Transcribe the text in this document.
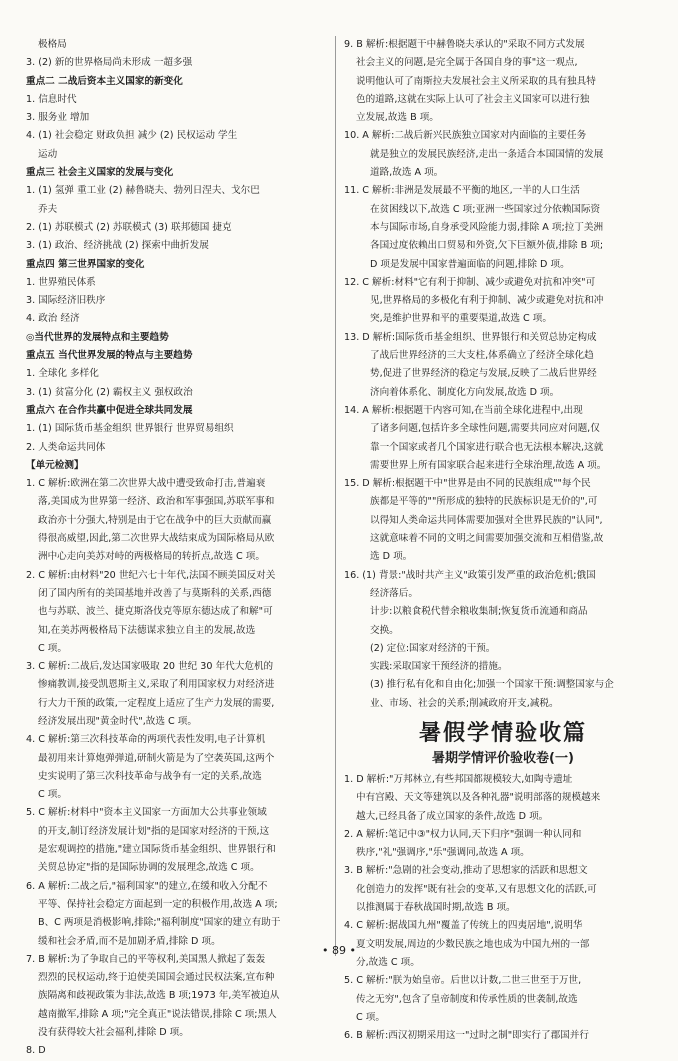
极格局
3. (2) 新的世界格局尚未形成 一超多强
重点二 二战后资本主义国家的新变化
1. 信息时代
3. 服务业 增加
4. (1) 社会稳定 财政负担 减少 (2) 民权运动 学生
运动
重点三 社会主义国家的发展与变化
1. (1) 氢弹 重工业 (2) 赫鲁晓夫、勃列日涅夫、戈尔巴
乔夫
2. (1) 苏联模式 (2) 苏联模式 (3) 联邦德国 捷克
3. (1) 政治、经济挑战 (2) 探索中曲折发展
重点四 第三世界国家的变化
1. 世界殖民体系
3. 国际经济旧秩序
4. 政治 经济
◎当代世界的发展特点和主要趋势
重点五 当代世界发展的特点与主要趋势
1. 全球化 多样化
3. (1) 贫富分化 (2) 霸权主义 强权政治
重点六 在合作共赢中促进全球共同发展
1. (1) 国际货币基金组织 世界银行 世界贸易组织
2. 人类命运共同体
【单元检测】
1. C 解析:欧洲在第二次世界大战中遭受致命打击,普遍衰
落,美国成为世界第一经济、政治和军事强国,苏联军事和
政治亦十分强大,特别是由于它在战争中的巨大贡献而赢
得很高威望,因此,第二次世界大战结束成为国际格局从欧
洲中心走向美苏对峙的两极格局的转折点,故选 C 项。
2. C 解析:由材料"20 世纪六七十年代,法国不顾美国反对关
闭了国内所有的美国基地并改善了与莫斯科的关系,西德
也与苏联、波兰、捷克斯洛伐克等原东德达成了和解"可
知,在美苏两极格局下法德谋求独立自主的发展,故选
C 项。
3. C 解析:二战后,发达国家吸取 20 世纪 30 年代大危机的
惨痛教训,接受凯恩斯主义,采取了利用国家权力对经济进
行大力干预的政策,一定程度上适应了生产力发展的需要,
经济发展出现"黄金时代",故选 C 项。
4. C 解析:第三次科技革命的两项代表性发明,电子计算机
最初用来计算炮弹弹道,研制火箭是为了空袭英国,这两个
史实说明了第三次科技革命与战争有一定的关系,故选
C 项。
5. C 解析:材料中"资本主义国家一方面加大公共事业领域
的开支,制订经济发展计划"指的是国家对经济的干预,这
是宏观调控的措施,"建立国际货币基金组织、世界银行和
关贸总协定"指的是国际协调的发展理念,故选 C 项。
6. A 解析:二战之后,"福利国家"的建立,在缓和收入分配不
平等、保持社会稳定方面起到一定的积极作用,故选 A 项;
B、C 两项是消极影响,排除;"福利制度"国家的建立有助于
缓和社会矛盾,而不是加剧矛盾,排除 D 项。
7. B 解析:为了争取自己的平等权利,美国黑人掀起了轰轰
烈烈的民权运动,终于迫使美国国会通过民权法案,宣布种
族隔离和歧视政策为非法,故选 B 项;1973 年,美军被迫从
越南撤军,排除 A 项;"完全真正"说法错误,排除 C 项;黑人
没有获得较大社会福利,排除 D 项。
8. D
9. B 解析:根据题干中赫鲁晓夫承认的"采取不同方式发展
社会主义的问题,是完全属于各国自身的事"这一观点,
说明他认可了南斯拉夫发展社会主义所采取的具有独具特
色的道路,这就在实际上认可了社会主义国家可以进行独
立发展,故选 B 项。
10. A 解析:二战后新兴民族独立国家对内面临的主要任务
就是独立的发展民族经济,走出一条适合本国国情的发展
道路,故选 A 项。
11. C 解析:非洲是发展最不平衡的地区,一半的人口生活
在贫困线以下,故选 C 项;亚洲一些国家过分依赖国际资
本与国际市场,自身承受风险能力弱,排除 A 项;拉丁美洲
各国过度依赖出口贸易和外资,欠下巨额外债,排除 B 项;
D 项是发展中国家普遍面临的问题,排除 D 项。
12. C 解析:材料"它有利于抑制、减少或避免对抗和冲突"可
见,世界格局的多极化有利于抑制、减少或避免对抗和冲
突,是维护世界和平的重要渠道,故选 C 项。
13. D 解析:国际货币基金组织、世界银行和关贸总协定构成
了战后世界经济的三大支柱,体系确立了经济全球化趋
势,促进了世界经济的稳定与发展,反映了二战后世界经
济向着体系化、制度化方向发展,故选 D 项。
14. A 解析:根据题干内容可知,在当前全球化进程中,出现
了诸多问题,包括许多全球性问题,需要共同应对问题,仅
靠一个国家或者几个国家进行联合也无法根本解决,这就
需要世界上所有国家联合起来进行全球治理,故选 A 项。
15. D 解析:根据题干中"世界是由不同的民族组成""每个民
族都是平等的""所形成的独特的民族标识是无价的",可
以得知人类命运共同体需要加强对全世界民族的"认同",
这就意味着不同的文明之间需要加强交流和互相借鉴,故
选 D 项。
16. (1) 背景:"战时共产主义"政策引发严重的政治危机;俄国
经济落后。
计步:以粮食税代替余粮收集制;恢复货币流通和商品
交换。
(2) 定位:国家对经济的干预。
实践:采取国家干预经济的措施。
(3) 推行私有化和自由化;加强一个国家干预:调整国家与企
业、市场、社会的关系;削减政府开支,减税。
暑假学情验收篇
暑期学情评价验收卷(一)
1. D 解析:"万邦林立,有些邦国都规模较大,如陶寺遗址
中有宫殿、天文等建筑以及各种礼器"说明部落的规模越来
越大,已经具备了成立国家的条件,故选 D 项。
2. A 解析:笔记中③"权力认同,天下归序"强调一种认同和
秩序,"礼"强调序,"乐"强调同,故选 A 项。
3. B 解析:"急剧的社会变动,推动了思想家的活跃和思想文
化创造力的发挥"既有社会的变革,又有思想文化的活跃,可
以推测属于春秋战国时期,故选 B 项。
4. C 解析:据战国九州"覆盖了传统上的四夷居地",说明华
夏文明发展,周边的少数民族之地也成为中国九州的一部
分,故选 C 项。
5. C 解析:"朕为始皇帝。后世以计数,二世三世至于万世,
传之无穷",包含了皇帝制度和传承性质的世袭制,故选
C 项。
6. B 解析:西汉初期采用这一"过时之制"即实行了郡国并行
• 89 •
